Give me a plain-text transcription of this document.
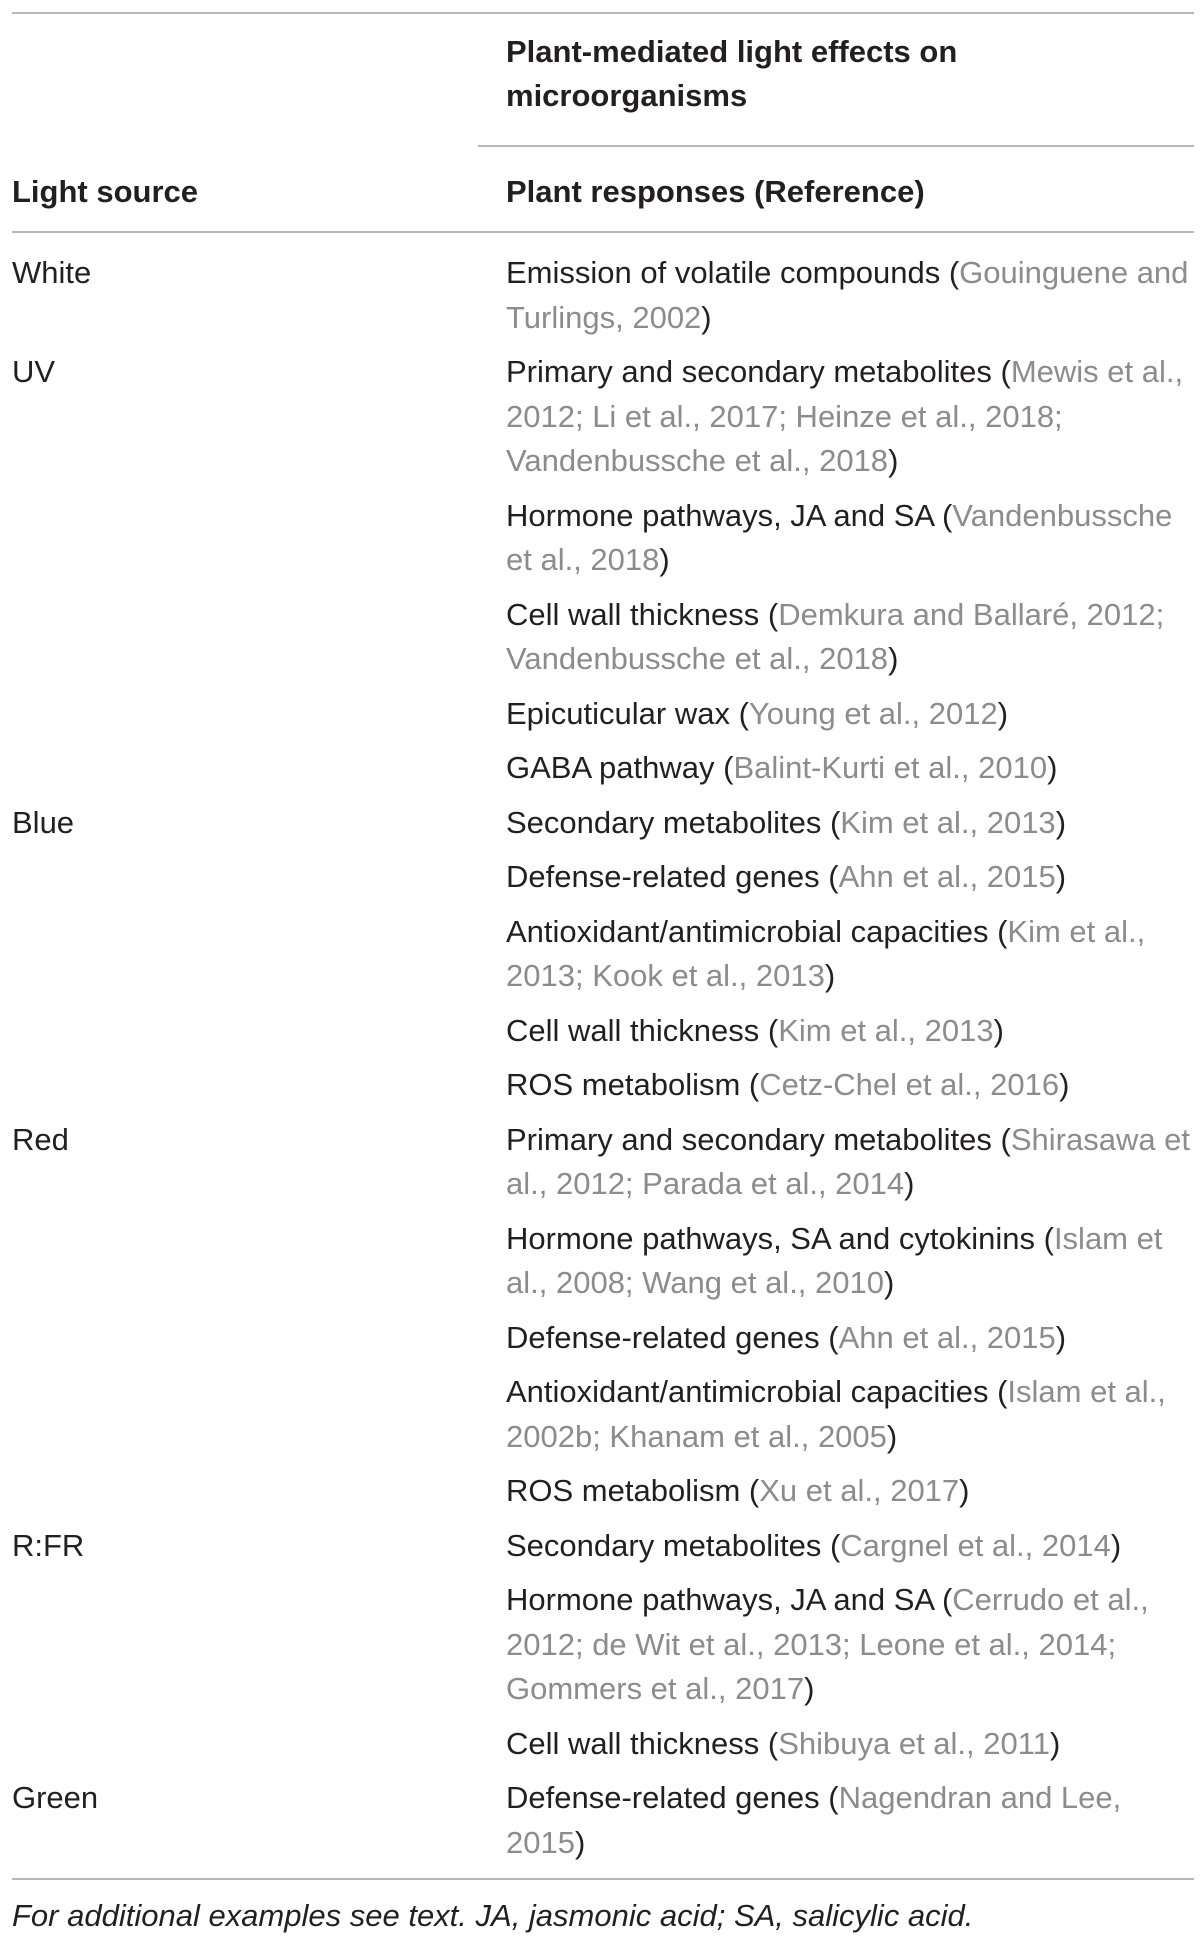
Plant-mediated light effects on microorganisms
Light source	Plant responses (Reference)
White	Emission of volatile compounds (Gouinguene and Turlings, 2002)
UV	Primary and secondary metabolites (Mewis et al., 2012; Li et al., 2017; Heinze et al., 2018; Vandenbussche et al., 2018)
Hormone pathways, JA and SA (Vandenbussche et al., 2018)
Cell wall thickness (Demkura and Ballaré, 2012; Vandenbussche et al., 2018)
Epicuticular wax (Young et al., 2012)
GABA pathway (Balint-Kurti et al., 2010)
Blue	Secondary metabolites (Kim et al., 2013)
Defense-related genes (Ahn et al., 2015)
Antioxidant/antimicrobial capacities (Kim et al., 2013; Kook et al., 2013)
Cell wall thickness (Kim et al., 2013)
ROS metabolism (Cetz-Chel et al., 2016)
Red	Primary and secondary metabolites (Shirasawa et al., 2012; Parada et al., 2014)
Hormone pathways, SA and cytokinins (Islam et al., 2008; Wang et al., 2010)
Defense-related genes (Ahn et al., 2015)
Antioxidant/antimicrobial capacities (Islam et al., 2002b; Khanam et al., 2005)
ROS metabolism (Xu et al., 2017)
R:FR	Secondary metabolites (Cargnel et al., 2014)
Hormone pathways, JA and SA (Cerrudo et al., 2012; de Wit et al., 2013; Leone et al., 2014; Gommers et al., 2017)
Cell wall thickness (Shibuya et al., 2011)
Green	Defense-related genes (Nagendran and Lee, 2015)
For additional examples see text. JA, jasmonic acid; SA, salicylic acid.
